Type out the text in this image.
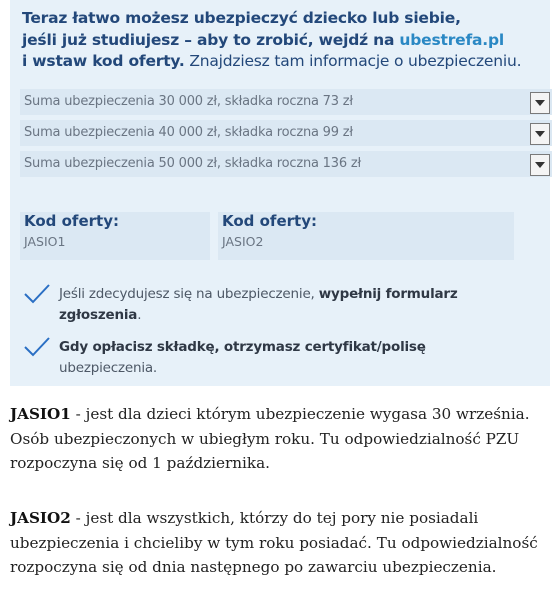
Teraz łatwo możesz ubezpieczyć dziecko lub siebie,
jeśli już studiujesz – aby to zrobić, wejdź na ubestrefa.pl
i wstaw kod oferty. Znajdziesz tam informacje o ubezpieczeniu.
Suma ubezpieczenia 30 000 zł, składka roczna 73 zł
Suma ubezpieczenia 40 000 zł, składka roczna 99 zł
Suma ubezpieczenia 50 000 zł, składka roczna 136 zł
Kod oferty:
JASIO1
Kod oferty:
JASIO2
Jeśli zdecydujesz się na ubezpieczenie, wypełnij formularz zgłoszenia.
Gdy opłacisz składkę, otrzymasz certyfikat/polisę ubezpieczenia.

JASIO1 - jest dla dzieci którym ubezpieczenie wygasa 30 września. Osób ubezpieczonych w ubiegłym roku. Tu odpowiedzialność PZU rozpoczyna się od 1 października.

JASIO2 - jest dla wszystkich, którzy do tej pory nie posiadali ubezpieczenia i chcieliby w tym roku posiadać. Tu odpowiedzialność rozpoczyna się od dnia następnego po zawarciu ubezpieczenia.
